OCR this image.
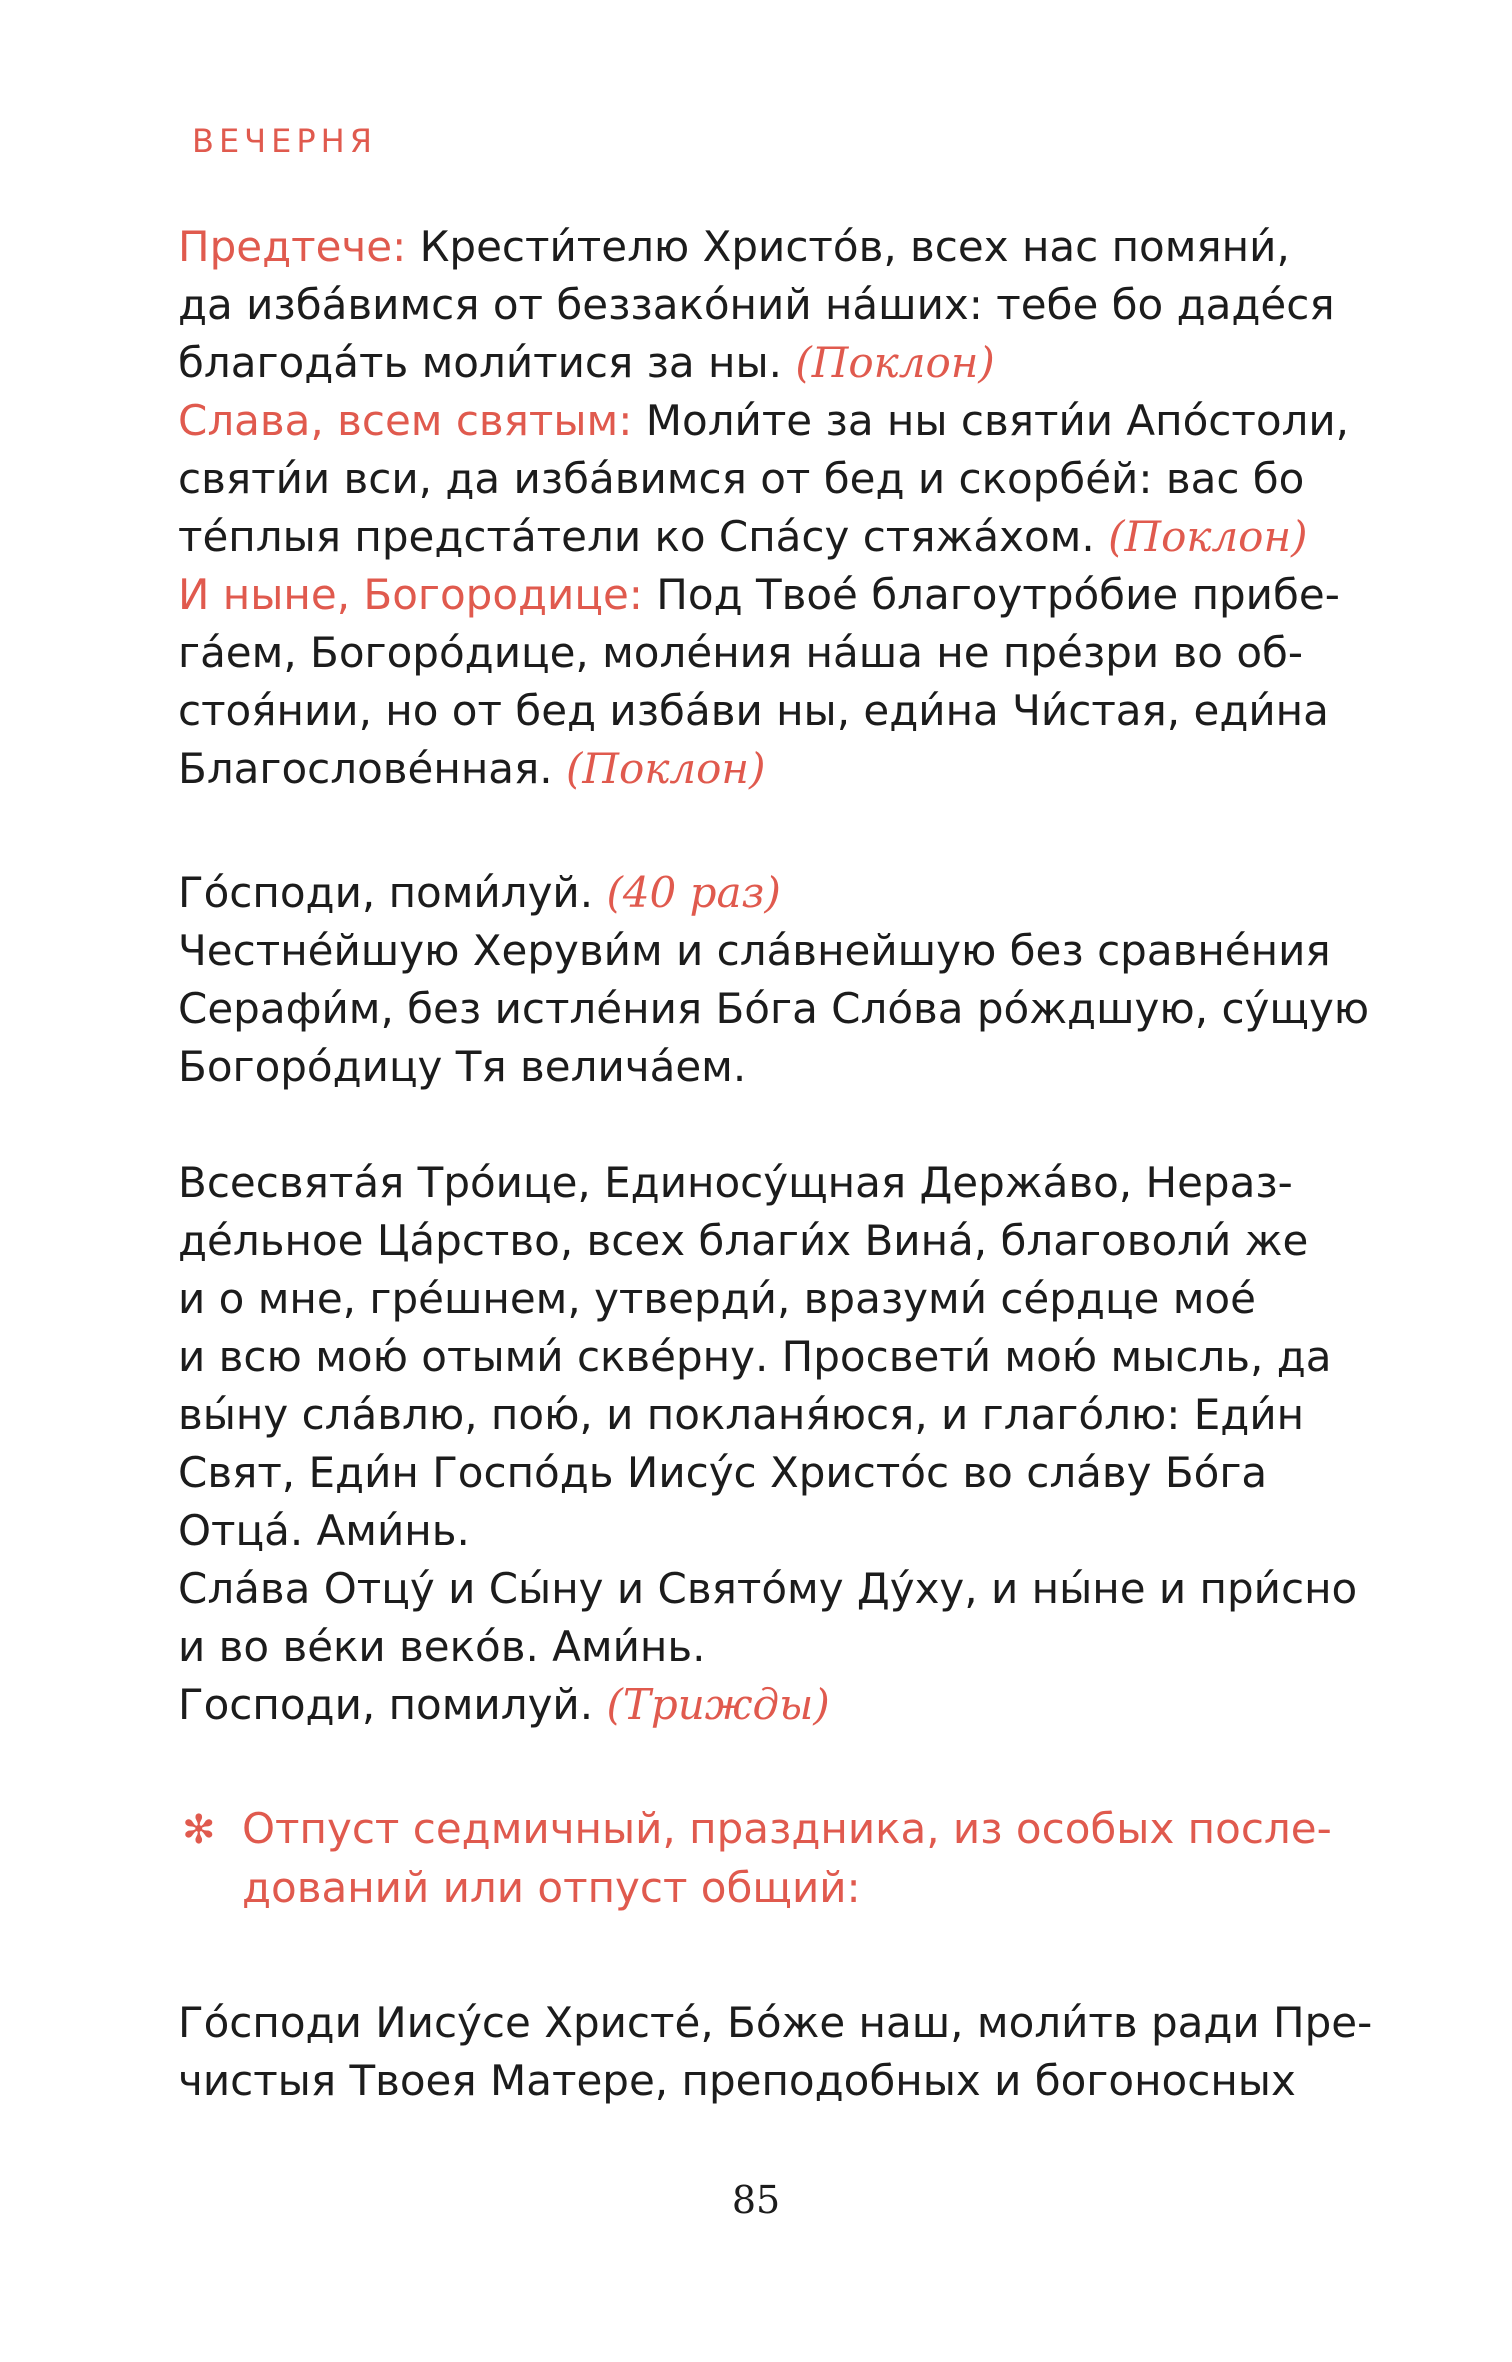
ВЕЧЕРНЯ
Предтече: Крести́телю Христо́в, всех нас помяни́,
да изба́вимся от беззако́ний на́ших: тебе бо даде́ся
благода́ть моли́тися за ны. (Поклон)
Слава, всем святым: Моли́те за ны святи́и Апо́столи,
святи́и вси, да изба́вимся от бед и скорбе́й: вас бо
те́плыя предста́тели ко Спа́су стяжа́хом. (Поклон)
И ныне, Богородице: Под Твое́ благоутро́бие прибе-
га́ем, Богоро́дице, моле́ния на́ша не пре́зри во об-
стоя́нии, но от бед изба́ви ны, еди́на Чи́стая, еди́на
Благослове́нная. (Поклон)
Го́споди, поми́луй. (40 раз)
Честне́йшую Херуви́м и сла́внейшую без сравне́ния
Серафи́м, без истле́ния Бо́га Сло́ва ро́ждшую, су́щую
Богоро́дицу Тя велича́ем.
Всесвята́я Тро́ице, Единосу́щная Держа́во, Нераз-
де́льное Ца́рство, всех благи́х Вина́, благоволи́ же
и о мне, гре́шнем, утверди́, вразуми́ се́рдце мое́
и всю мою́ отыми́ скве́рну. Просвети́ мою́ мысль, да
вы́ну сла́влю, пою́, и покланя́юся, и глаго́лю: Еди́н
Свят, Еди́н Госпо́дь Иису́с Христо́с во сла́ву Бо́га
Отца́. Ами́нь.
Сла́ва Отцу́ и Сы́ну и Свято́му Ду́ху, и ны́не и при́сно
и во ве́ки веко́в. Ами́нь.
Господи, помилуй. (Трижды)
✻ Отпуст седмичный, праздника, из особых после-
дований или отпуст общий:
Го́споди Иису́се Христе́, Бо́же наш, моли́тв ради Пре-
чистыя Твоея Матере, преподобных и богоносных
85
